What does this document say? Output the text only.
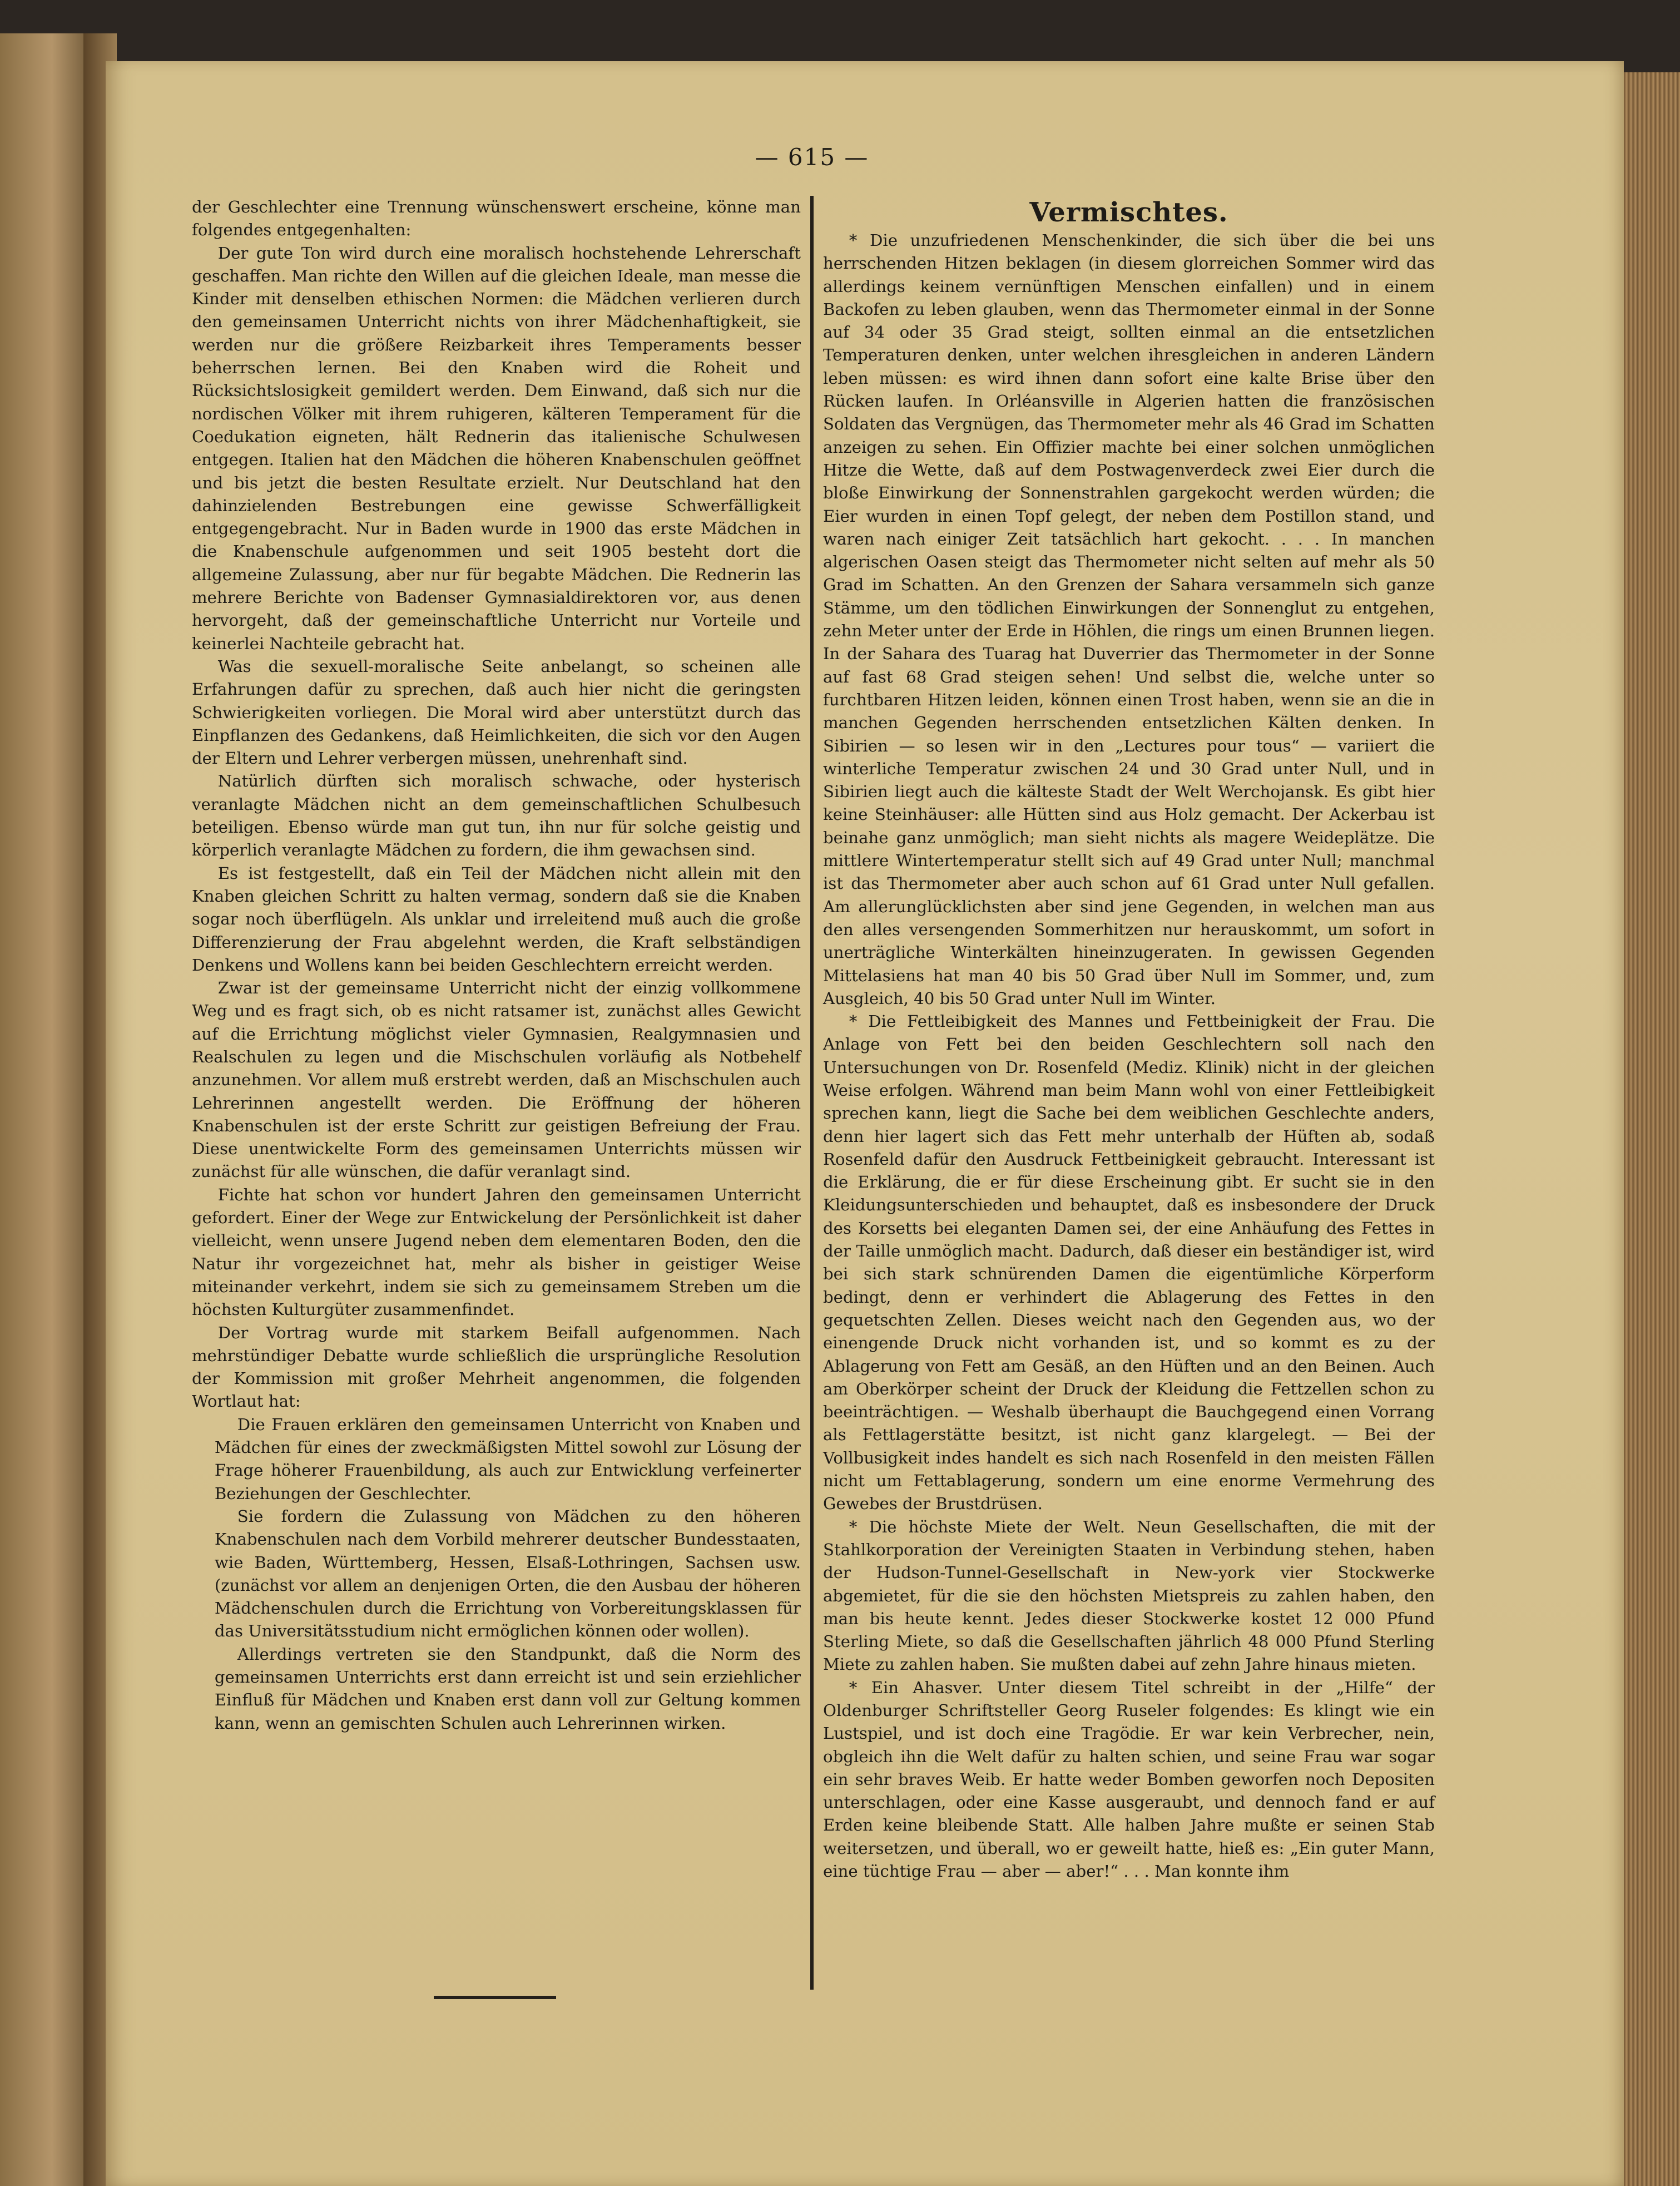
— 615 —

der Geschlechter eine Trennung wünschenswert erscheine, könne man folgendes entgegenhalten:

Der gute Ton wird durch eine moralisch hochstehende Lehrerschaft geschaffen. Man richte den Willen auf die gleichen Ideale, man messe die Kinder mit denselben ethischen Normen: die Mädchen verlieren durch den gemeinsamen Unterricht nichts von ihrer Mädchenhaftigkeit, sie werden nur die größere Reizbarkeit ihres Temperaments besser beherrschen lernen. Bei den Knaben wird die Roheit und Rücksichtslosigkeit gemildert werden. Dem Einwand, daß sich nur die nordischen Völker mit ihrem ruhigeren, kälteren Temperament für die Coedukation eigneten, hält Rednerin das italienische Schulwesen entgegen. Italien hat den Mädchen die höheren Knabenschulen geöffnet und bis jetzt die besten Resultate erzielt. Nur Deutschland hat den dahinzielenden Bestrebungen eine gewisse Schwerfälligkeit entgegengebracht. Nur in Baden wurde in 1900 das erste Mädchen in die Knabenschule aufgenommen und seit 1905 besteht dort die allgemeine Zulassung, aber nur für begabte Mädchen. Die Rednerin las mehrere Berichte von Badenser Gymnasialdirektoren vor, aus denen hervorgeht, daß der gemeinschaftliche Unterricht nur Vorteile und keinerlei Nachteile gebracht hat.

Was die sexuell-moralische Seite anbelangt, so scheinen alle Erfahrungen dafür zu sprechen, daß auch hier nicht die geringsten Schwierigkeiten vorliegen. Die Moral wird aber unterstützt durch das Einpflanzen des Gedankens, daß Heimlichkeiten, die sich vor den Augen der Eltern und Lehrer verbergen müssen, unehrenhaft sind.

Natürlich dürften sich moralisch schwache, oder hysterisch veranlagte Mädchen nicht an dem gemeinschaftlichen Schulbesuch beteiligen. Ebenso würde man gut tun, ihn nur für solche geistig und körperlich veranlagte Mädchen zu fordern, die ihm gewachsen sind.

Es ist festgestellt, daß ein Teil der Mädchen nicht allein mit den Knaben gleichen Schritt zu halten vermag, sondern daß sie die Knaben sogar noch überflügeln. Als unklar und irreleitend muß auch die große Differenzierung der Frau abgelehnt werden, die Kraft selbständigen Denkens und Wollens kann bei beiden Geschlechtern erreicht werden.

Zwar ist der gemeinsame Unterricht nicht der einzig vollkommene Weg und es fragt sich, ob es nicht ratsamer ist, zunächst alles Gewicht auf die Errichtung möglichst vieler Gymnasien, Realgymnasien und Realschulen zu legen und die Mischschulen vorläufig als Notbehelf anzunehmen. Vor allem muß erstrebt werden, daß an Mischschulen auch Lehrerinnen angestellt werden. Die Eröffnung der höheren Knabenschulen ist der erste Schritt zur geistigen Befreiung der Frau. Diese unentwickelte Form des gemeinsamen Unterrichts müssen wir zunächst für alle wünschen, die dafür veranlagt sind.

Fichte hat schon vor hundert Jahren den gemeinsamen Unterricht gefordert. Einer der Wege zur Entwickelung der Persönlichkeit ist daher vielleicht, wenn unsere Jugend neben dem elementaren Boden, den die Natur ihr vorgezeichnet hat, mehr als bisher in geistiger Weise miteinander verkehrt, indem sie sich zu gemeinsamem Streben um die höchsten Kulturgüter zusammenfindet.

Der Vortrag wurde mit starkem Beifall aufgenommen. Nach mehrstündiger Debatte wurde schließlich die ursprüngliche Resolution der Kommission mit großer Mehrheit angenommen, die folgenden Wortlaut hat:

Die Frauen erklären den gemeinsamen Unterricht von Knaben und Mädchen für eines der zweckmäßigsten Mittel sowohl zur Lösung der Frage höherer Frauenbildung, als auch zur Entwicklung verfeinerter Beziehungen der Geschlechter.

Sie fordern die Zulassung von Mädchen zu den höheren Knabenschulen nach dem Vorbild mehrerer deutscher Bundesstaaten, wie Baden, Württemberg, Hessen, Elsaß-Lothringen, Sachsen usw. (zunächst vor allem an denjenigen Orten, die den Ausbau der höheren Mädchenschulen durch die Errichtung von Vorbereitungsklassen für das Universitätsstudium nicht ermöglichen können oder wollen).

Allerdings vertreten sie den Standpunkt, daß die Norm des gemeinsamen Unterrichts erst dann erreicht ist und sein erziehlicher Einfluß für Mädchen und Knaben erst dann voll zur Geltung kommen kann, wenn an gemischten Schulen auch Lehrerinnen wirken.

Vermischtes.

* Die unzufriedenen Menschenkinder, die sich über die bei uns herrschenden Hitzen beklagen (in diesem glorreichen Sommer wird das allerdings keinem vernünftigen Menschen einfallen) und in einem Backofen zu leben glauben, wenn das Thermometer einmal in der Sonne auf 34 oder 35 Grad steigt, sollten einmal an die entsetzlichen Temperaturen denken, unter welchen ihresgleichen in anderen Ländern leben müssen: es wird ihnen dann sofort eine kalte Brise über den Rücken laufen. In Orléansville in Algerien hatten die französischen Soldaten das Vergnügen, das Thermometer mehr als 46 Grad im Schatten anzeigen zu sehen. Ein Offizier machte bei einer solchen unmöglichen Hitze die Wette, daß auf dem Postwagenverdeck zwei Eier durch die bloße Einwirkung der Sonnenstrahlen gargekocht werden würden; die Eier wurden in einen Topf gelegt, der neben dem Postillon stand, und waren nach einiger Zeit tatsächlich hart gekocht. . . . In manchen algerischen Oasen steigt das Thermometer nicht selten auf mehr als 50 Grad im Schatten. An den Grenzen der Sahara versammeln sich ganze Stämme, um den tödlichen Einwirkungen der Sonnenglut zu entgehen, zehn Meter unter der Erde in Höhlen, die rings um einen Brunnen liegen. In der Sahara des Tuarag hat Duverrier das Thermometer in der Sonne auf fast 68 Grad steigen sehen! Und selbst die, welche unter so furchtbaren Hitzen leiden, können einen Trost haben, wenn sie an die in manchen Gegenden herrschenden entsetzlichen Kälten denken. In Sibirien — so lesen wir in den „Lectures pour tous“ — variiert die winterliche Temperatur zwischen 24 und 30 Grad unter Null, und in Sibirien liegt auch die kälteste Stadt der Welt Werchojansk. Es gibt hier keine Steinhäuser: alle Hütten sind aus Holz gemacht. Der Ackerbau ist beinahe ganz unmöglich; man sieht nichts als magere Weideplätze. Die mittlere Wintertemperatur stellt sich auf 49 Grad unter Null; manchmal ist das Thermometer aber auch schon auf 61 Grad unter Null gefallen. Am allerunglücklichsten aber sind jene Gegenden, in welchen man aus den alles versengenden Sommerhitzen nur herauskommt, um sofort in unerträgliche Winterkälten hineinzugeraten. In gewissen Gegenden Mittelasiens hat man 40 bis 50 Grad über Null im Sommer, und, zum Ausgleich, 40 bis 50 Grad unter Null im Winter.

* Die Fettleibigkeit des Mannes und Fettbeinigkeit der Frau. Die Anlage von Fett bei den beiden Geschlechtern soll nach den Untersuchungen von Dr. Rosenfeld (Mediz. Klinik) nicht in der gleichen Weise erfolgen. Während man beim Mann wohl von einer Fettleibigkeit sprechen kann, liegt die Sache bei dem weiblichen Geschlechte anders, denn hier lagert sich das Fett mehr unterhalb der Hüften ab, sodaß Rosenfeld dafür den Ausdruck Fettbeinigkeit gebraucht. Interessant ist die Erklärung, die er für diese Erscheinung gibt. Er sucht sie in den Kleidungsunterschieden und behauptet, daß es insbesondere der Druck des Korsetts bei eleganten Damen sei, der eine Anhäufung des Fettes in der Taille unmöglich macht. Dadurch, daß dieser ein beständiger ist, wird bei sich stark schnürenden Damen die eigentümliche Körperform bedingt, denn er verhindert die Ablagerung des Fettes in den gequetschten Zellen. Dieses weicht nach den Gegenden aus, wo der einengende Druck nicht vorhanden ist, und so kommt es zu der Ablagerung von Fett am Gesäß, an den Hüften und an den Beinen. Auch am Oberkörper scheint der Druck der Kleidung die Fettzellen schon zu beeinträchtigen. — Weshalb überhaupt die Bauchgegend einen Vorrang als Fettlagerstätte besitzt, ist nicht ganz klargelegt. — Bei der Vollbusigkeit indes handelt es sich nach Rosenfeld in den meisten Fällen nicht um Fettablagerung, sondern um eine enorme Vermehrung des Gewebes der Brustdrüsen.

* Die höchste Miete der Welt. Neun Gesellschaften, die mit der Stahlkorporation der Vereinigten Staaten in Verbindung stehen, haben der Hudson-Tunnel-Gesellschaft in New-york vier Stockwerke abgemietet, für die sie den höchsten Mietspreis zu zahlen haben, den man bis heute kennt. Jedes dieser Stockwerke kostet 12 000 Pfund Sterling Miete, so daß die Gesellschaften jährlich 48 000 Pfund Sterling Miete zu zahlen haben. Sie mußten dabei auf zehn Jahre hinaus mieten.

* Ein Ahasver. Unter diesem Titel schreibt in der „Hilfe“ der Oldenburger Schriftsteller Georg Ruseler folgendes: Es klingt wie ein Lustspiel, und ist doch eine Tragödie. Er war kein Verbrecher, nein, obgleich ihn die Welt dafür zu halten schien, und seine Frau war sogar ein sehr braves Weib. Er hatte weder Bomben geworfen noch Depositen unterschlagen, oder eine Kasse ausgeraubt, und dennoch fand er auf Erden keine bleibende Statt. Alle halben Jahre mußte er seinen Stab weitersetzen, und überall, wo er geweilt hatte, hieß es: „Ein guter Mann, eine tüchtige Frau — aber — aber!“ . . . Man konnte ihm
